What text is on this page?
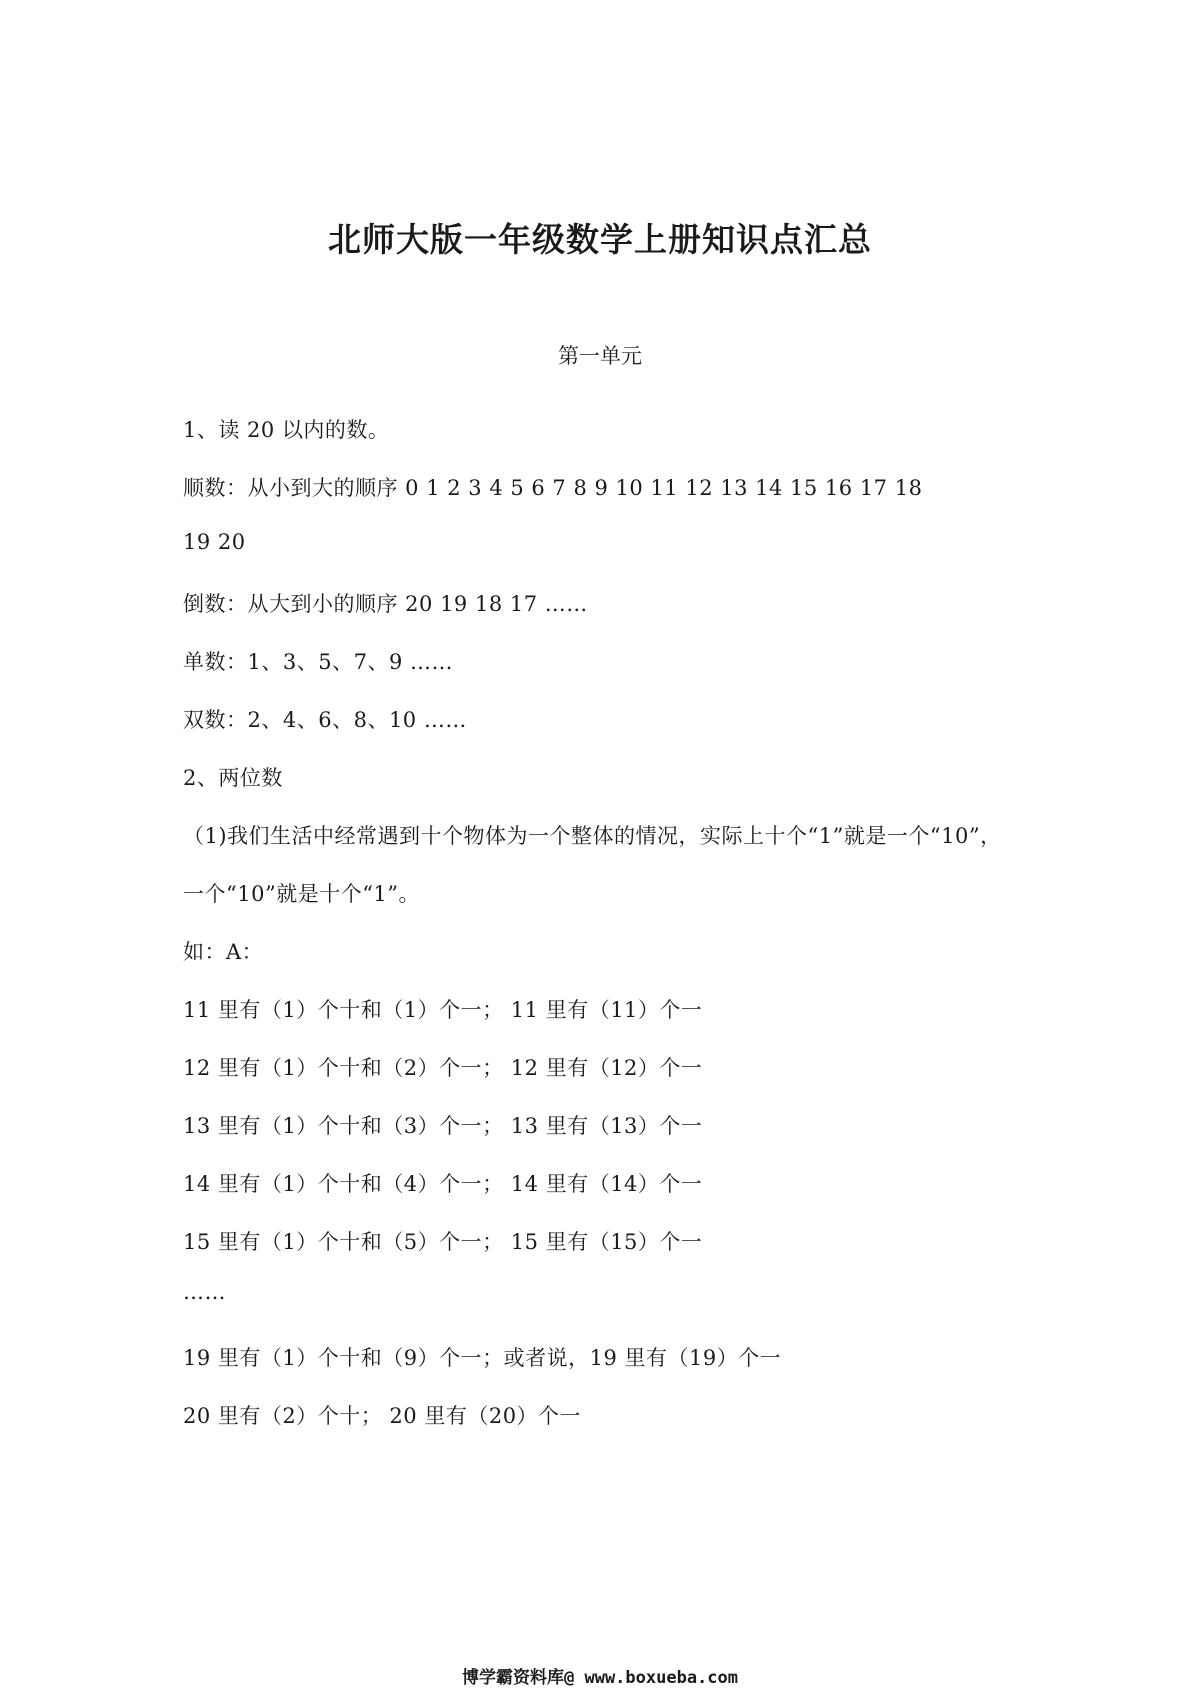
北师大版一年级数学上册知识点汇总
第一单元
1、读 20 以内的数。
顺数：从小到大的顺序 0 1 2 3 4 5 6 7 8 9 10 11 12 13 14 15 16 17 18
19 20
倒数：从大到小的顺序 20 19 18 17 ……
单数：1、3、5、7、9 ……
双数：2、4、6、8、10 ……
2、两位数
（1)我们生活中经常遇到十个物体为一个整体的情况，实际上十个“1”就是一个“10”，
一个“10”就是十个“1”。
如：A：
11 里有（1）个十和（1）个一； 11 里有（11）个一
12 里有（1）个十和（2）个一； 12 里有（12）个一
13 里有（1）个十和（3）个一； 13 里有（13）个一
14 里有（1）个十和（4）个一； 14 里有（14）个一
15 里有（1）个十和（5）个一； 15 里有（15）个一
……
19 里有（1）个十和（9）个一；或者说，19 里有（19）个一
20 里有（2）个十； 20 里有（20）个一
博学霸资料库@ www.boxueba.com
